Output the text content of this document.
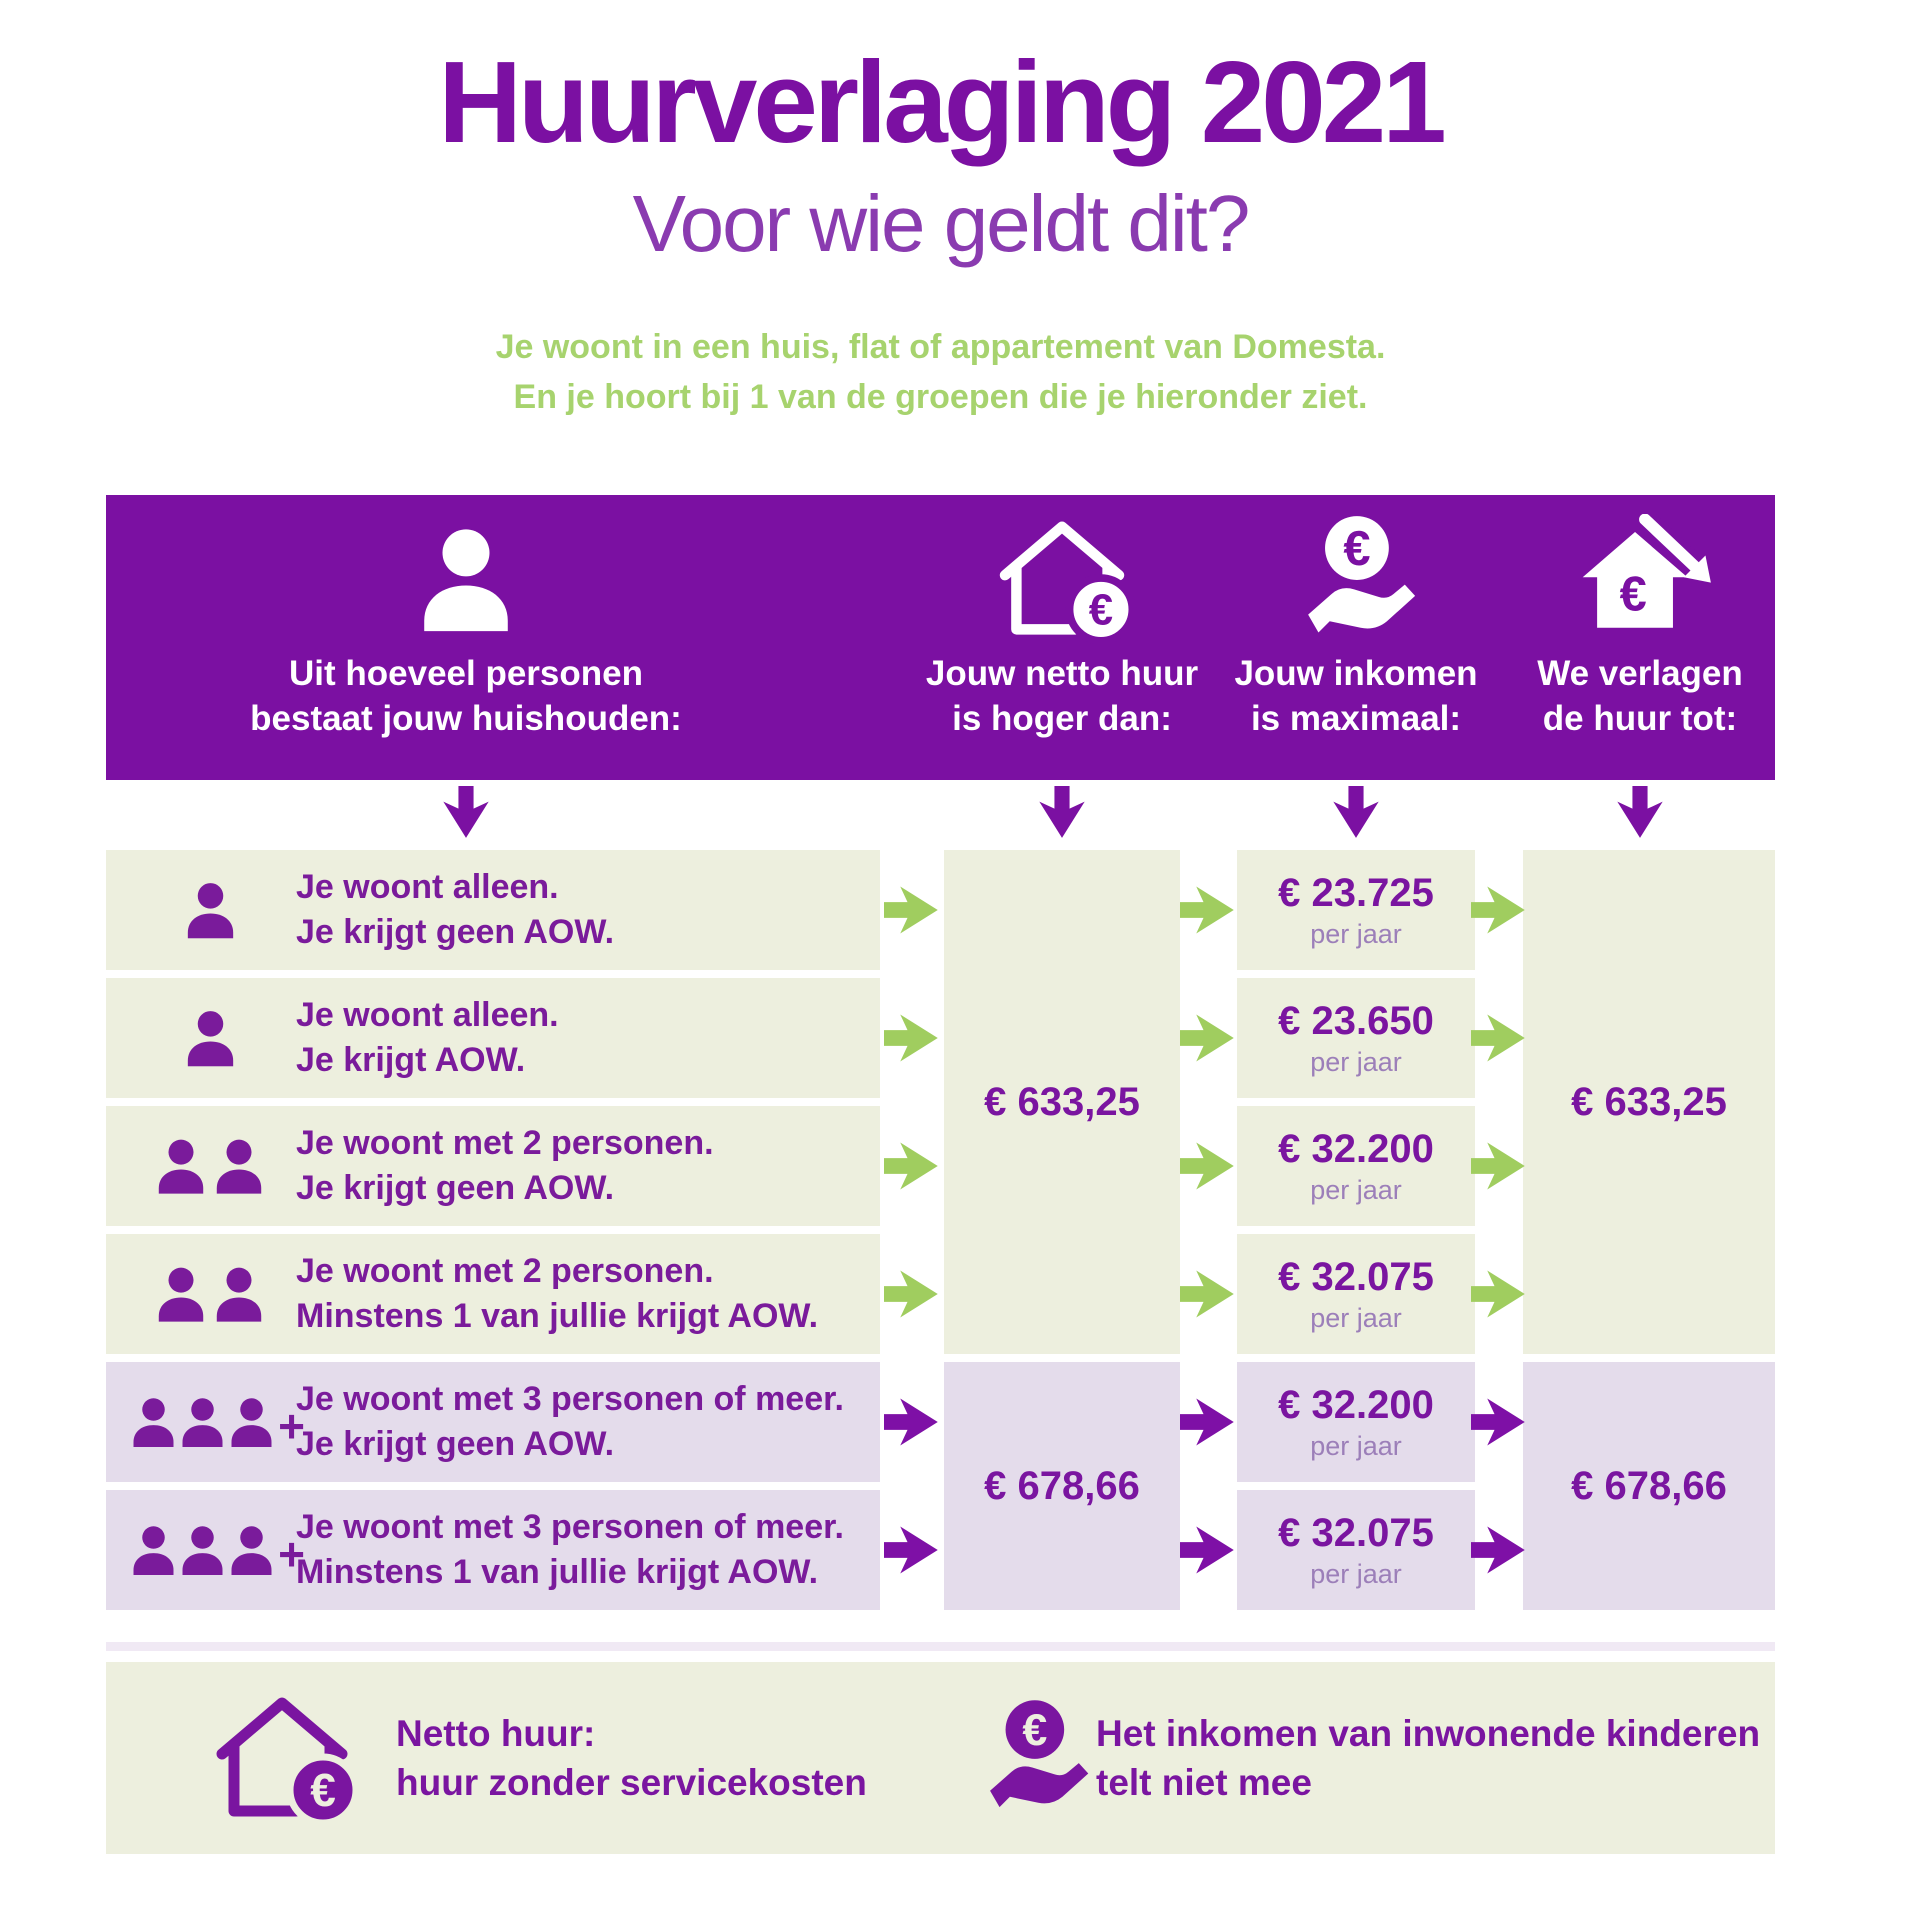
Huurverlaging 2021
Voor wie geldt dit?
Je woont in een huis, flat of appartement van Domesta.
En je hoort bij 1 van de groepen die je hieronder ziet.
Uit hoeveel personen
bestaat jouw huishouden:
€
Jouw netto huur
is hoger dan:
€
Jouw inkomen
is maximaal:
€
We verlagen
de huur tot:
Je woont alleen.
Je krijgt geen AOW.
Je woont alleen.
Je krijgt AOW.
Je woont met 2 personen.
Je krijgt geen AOW.
Je woont met 2 personen.
Minstens 1 van jullie krijgt AOW.
+
Je woont met 3 personen of meer.
Je krijgt geen AOW.
+
Je woont met 3 personen of meer.
Minstens 1 van jullie krijgt AOW.
€ 633,25	€ 633,25
€ 678,66	€ 678,66
€ 23.725
per jaar
€ 23.650
per jaar
€ 32.200
per jaar
€ 32.075
per jaar
€ 32.200
per jaar
€ 32.075
per jaar
€
Netto huur:
huur zonder servicekosten
€ Het inkomen van inwonende kinderen
telt niet mee
